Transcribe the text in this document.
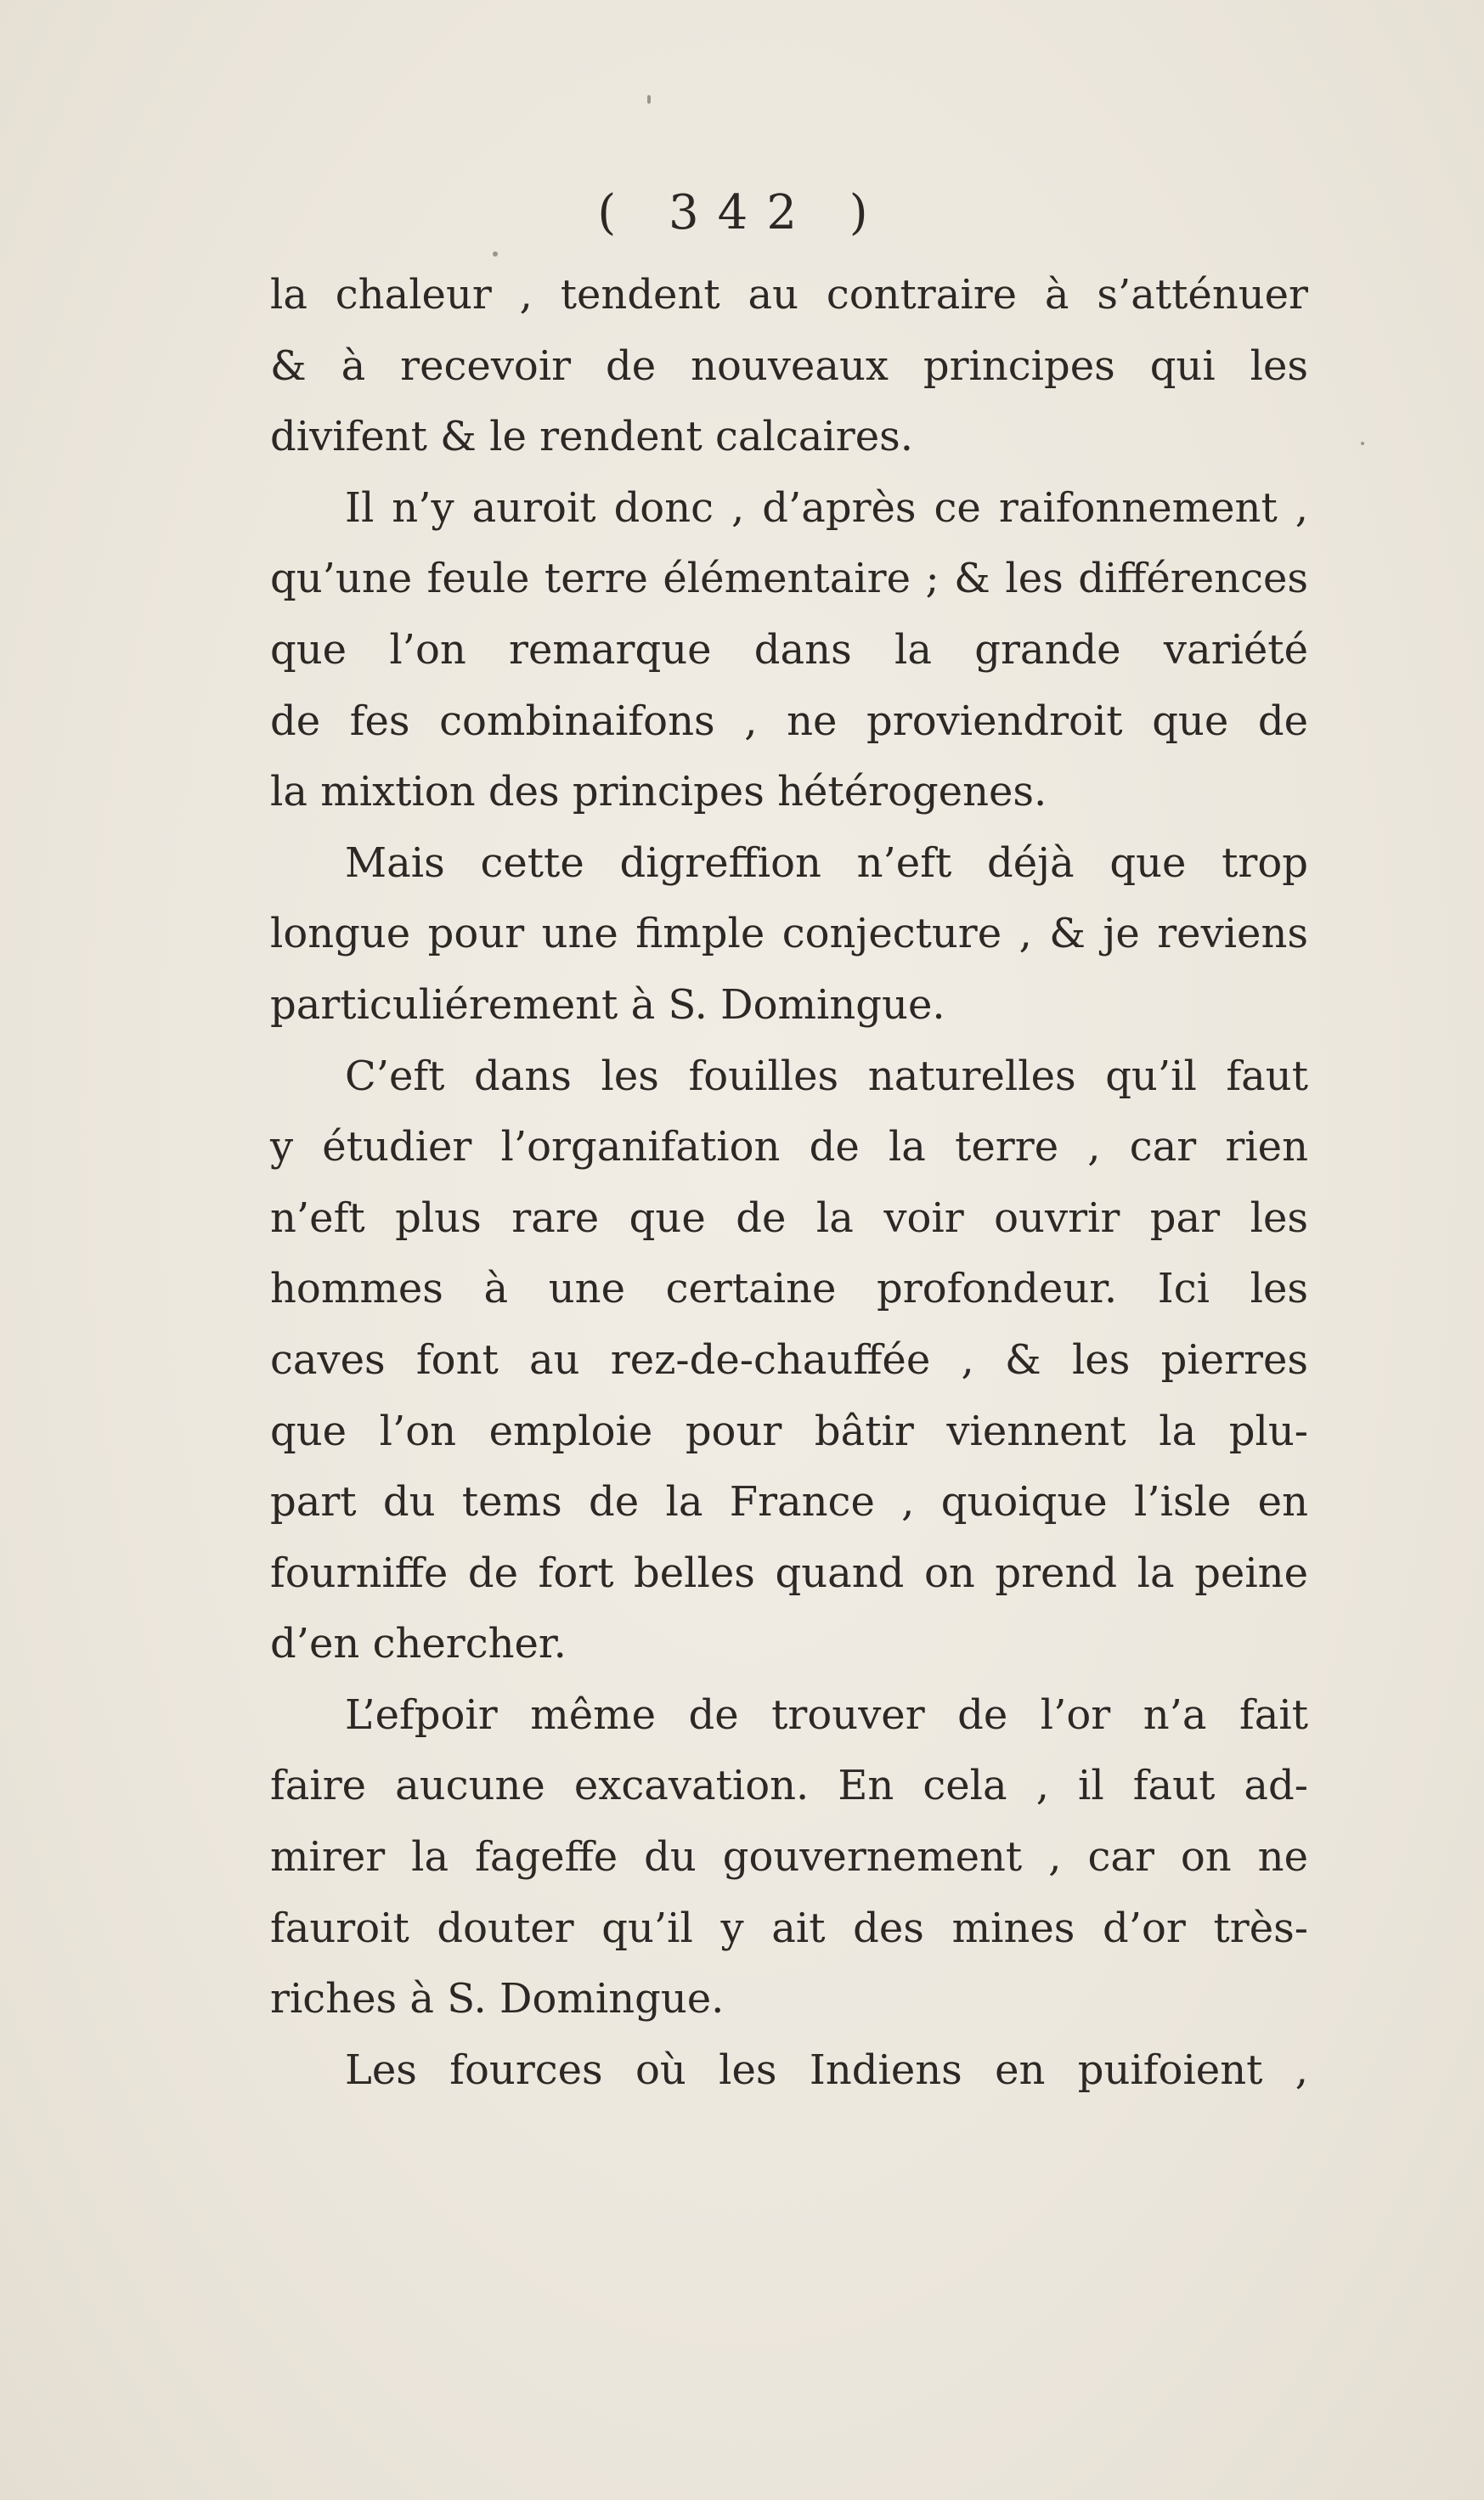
( 342 )
la chaleur , tendent au contraire à s’atténuer
& à recevoir de nouveaux principes qui les
divifent & le rendent calcaires.
Il n’y auroit donc , d’après ce raifonnement ,
qu’une feule terre élémentaire ; & les différences
que l’on remarque dans la grande variété
de fes combinaifons , ne proviendroit que de
la mixtion des principes hétérogenes.
Mais cette digreffion n’eft déjà que trop
longue pour une fimple conjecture , & je reviens
particuliérement à S. Domingue.
C’eft dans les fouilles naturelles qu’il faut
y étudier l’organifation de la terre , car rien
n’eft plus rare que de la voir ouvrir par les
hommes à une certaine profondeur. Ici les
caves font au rez-de-chauffée , & les pierres
que l’on emploie pour bâtir viennent la plu-
part du tems de la France , quoique l’isle en
fourniffe de fort belles quand on prend la peine
d’en chercher.
L’efpoir même de trouver de l’or n’a fait
faire aucune excavation. En cela , il faut ad-
mirer la fageffe du gouvernement , car on ne
fauroit douter qu’il y ait des mines d’or très-
riches à S. Domingue.
Les fources où les Indiens en puifoient ,
